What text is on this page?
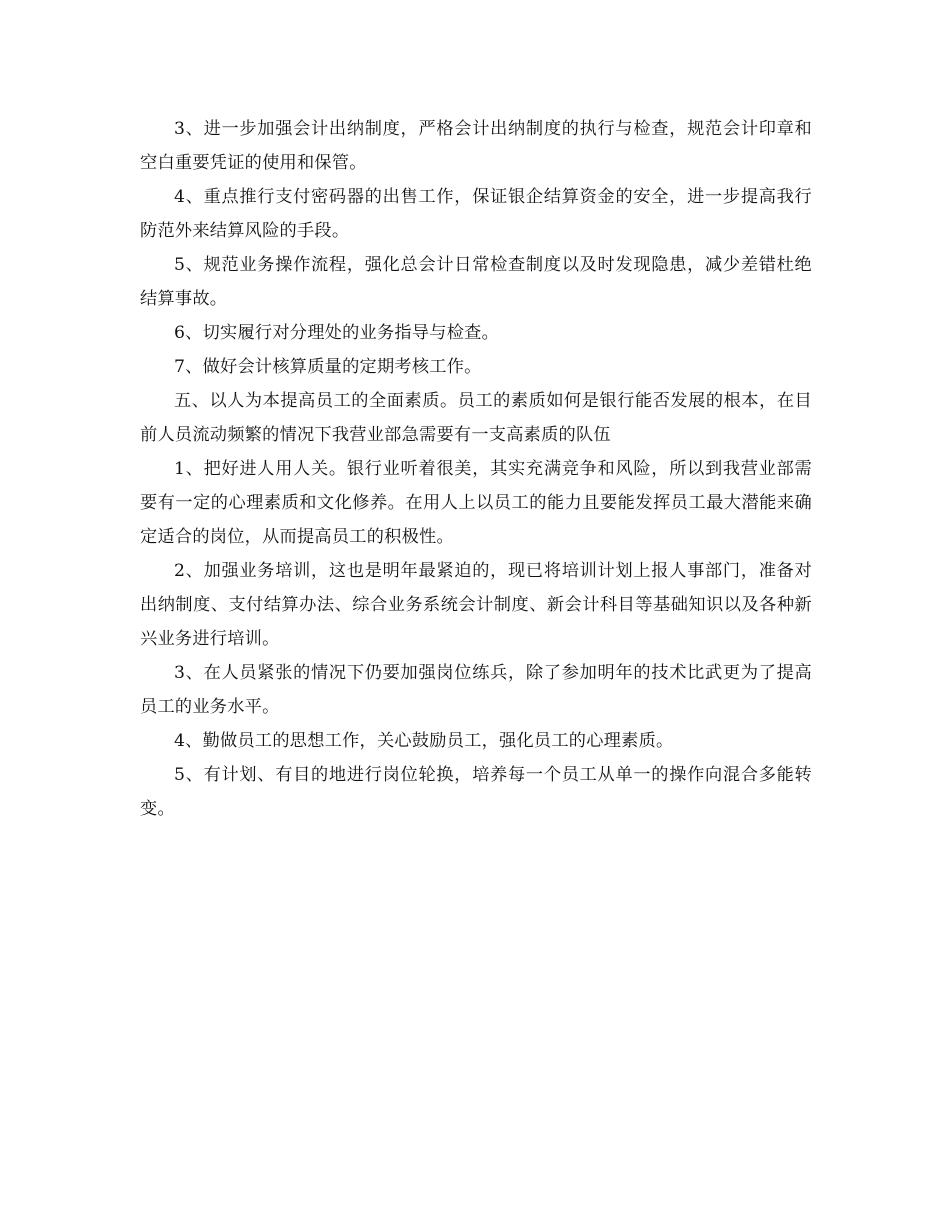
3、进一步加强会计出纳制度，严格会计出纳制度的执行与检查，规范会计印章和空白重要凭证的使用和保管。

4、重点推行支付密码器的出售工作，保证银企结算资金的安全，进一步提高我行防范外来结算风险的手段。

5、规范业务操作流程，强化总会计日常检查制度以及时发现隐患，减少差错杜绝结算事故。

6、切实履行对分理处的业务指导与检查。

7、做好会计核算质量的定期考核工作。

五、以人为本提高员工的全面素质。员工的素质如何是银行能否发展的根本，在目前人员流动频繁的情况下我营业部急需要有一支高素质的队伍

1、把好进人用人关。银行业听着很美，其实充满竞争和风险，所以到我营业部需要有一定的心理素质和文化修养。在用人上以员工的能力且要能发挥员工最大潜能来确定适合的岗位，从而提高员工的积极性。

2、加强业务培训，这也是明年最紧迫的，现已将培训计划上报人事部门，准备对出纳制度、支付结算办法、综合业务系统会计制度、新会计科目等基础知识以及各种新兴业务进行培训。

3、在人员紧张的情况下仍要加强岗位练兵，除了参加明年的技术比武更为了提高员工的业务水平。

4、勤做员工的思想工作，关心鼓励员工，强化员工的心理素质。

5、有计划、有目的地进行岗位轮换，培养每一个员工从单一的操作向混合多能转变。
